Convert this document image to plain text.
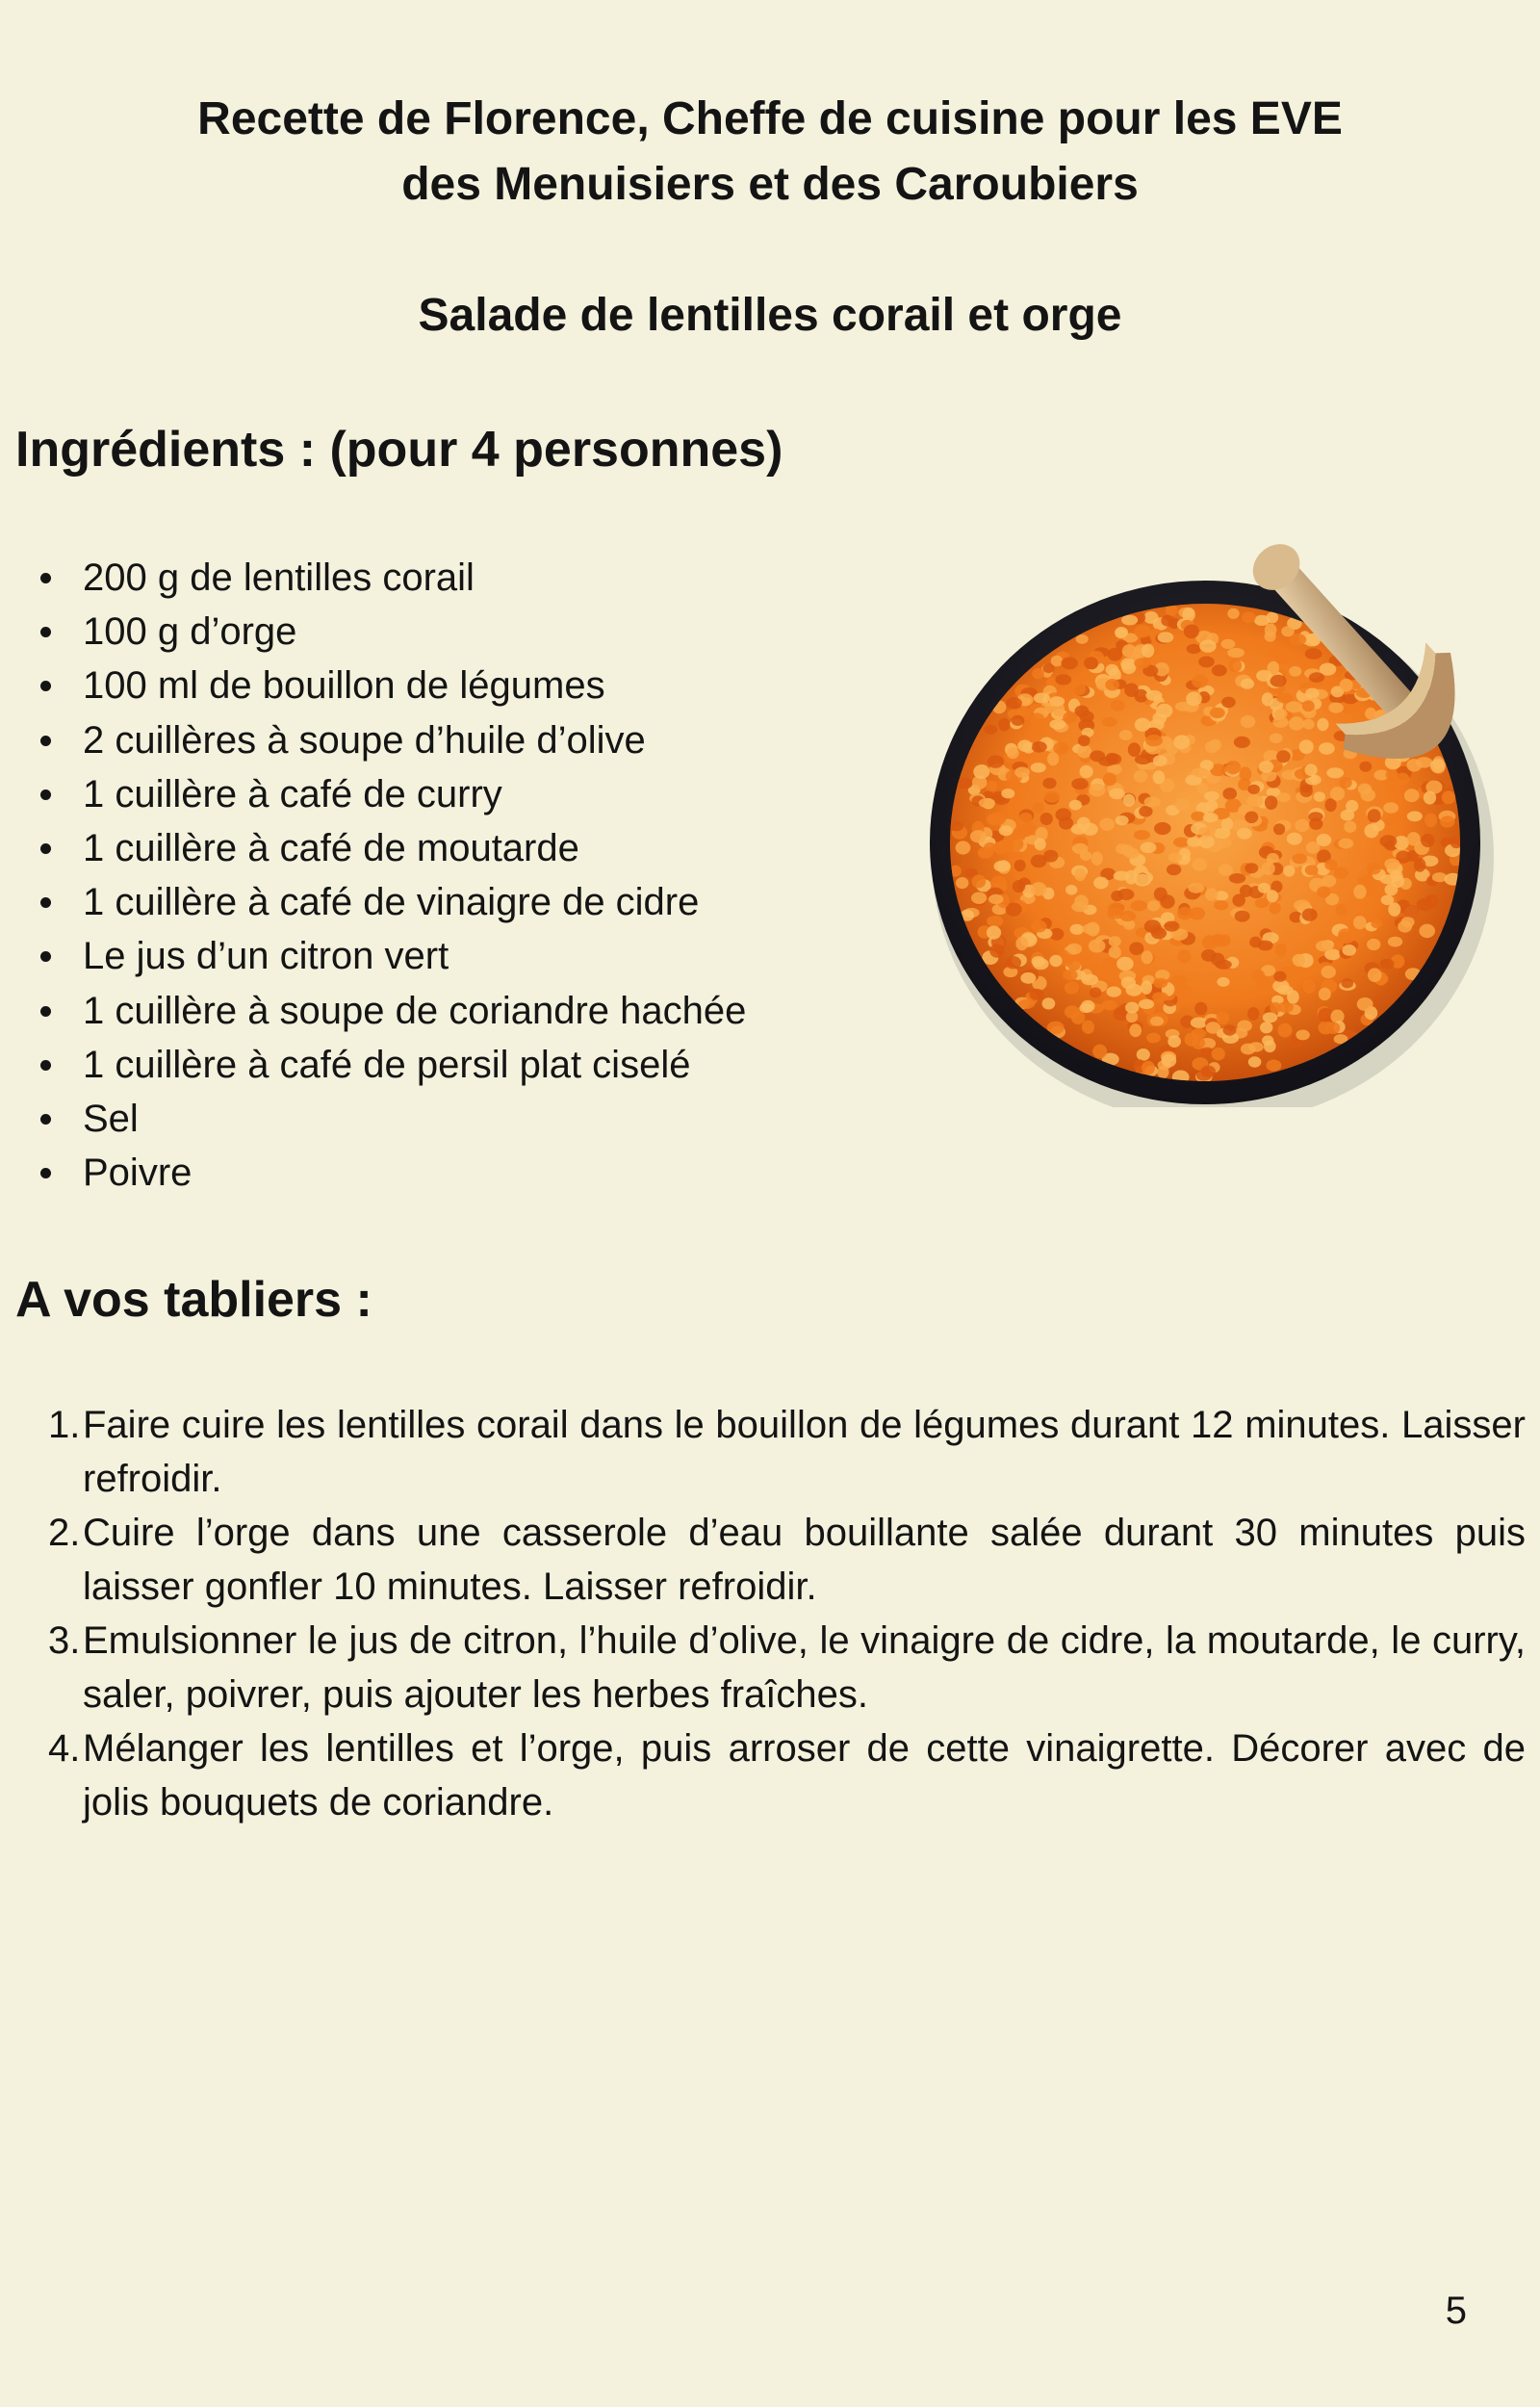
Recette de Florence, Cheffe de cuisine pour les EVE
des Menuisiers et des Caroubiers
Salade de lentilles corail et orge
Ingrédients : (pour 4 personnes)
200 g de lentilles corail
100 g d’orge
100 ml de bouillon de légumes
2 cuillères à soupe d’huile d’olive
1 cuillère à café de curry
1 cuillère à café de moutarde
1 cuillère à café de vinaigre de cidre
Le jus d’un citron vert
1 cuillère à soupe de coriandre hachée
1 cuillère à café de persil plat ciselé
Sel
Poivre
A vos tabliers :
1. Faire cuire les lentilles corail dans le bouillon de légumes durant 12 minutes. Laisser refroidir.
2. Cuire l’orge dans une casserole d’eau bouillante salée durant 30 minutes puis laisser gonfler 10 minutes. Laisser refroidir.
3. Emulsionner le jus de citron, l’huile d’olive, le vinaigre de cidre, la moutarde, le curry, saler, poivrer, puis ajouter les herbes fraîches.
4. Mélanger les lentilles et l’orge, puis arroser de cette vinaigrette. Décorer avec de jolis bouquets de coriandre.
5
